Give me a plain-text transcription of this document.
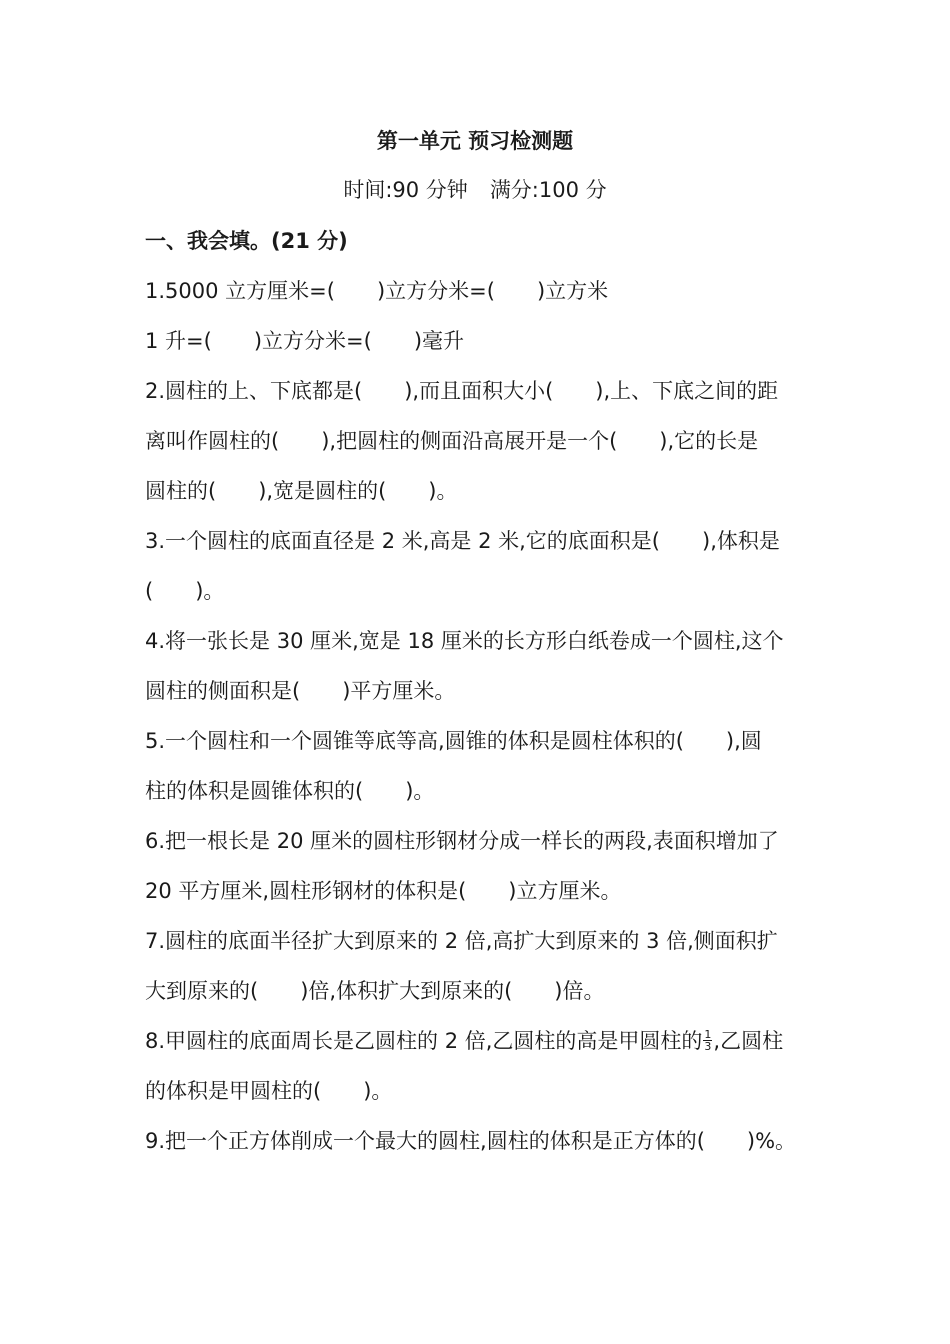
第一单元 预习检测题
时间:90 分钟 满分:100 分
一、我会填。(21 分)
1.5000 立方厘米=( )立方分米=( )立方米
1 升=( )立方分米=( )毫升
2.圆柱的上、下底都是( ),而且面积大小( ),上、下底之间的距
离叫作圆柱的( ),把圆柱的侧面沿高展开是一个( ),它的长是
圆柱的( ),宽是圆柱的( )。
3.一个圆柱的底面直径是 2 米,高是 2 米,它的底面积是( ),体积是
( )。
4.将一张长是 30 厘米,宽是 18 厘米的长方形白纸卷成一个圆柱,这个
圆柱的侧面积是( )平方厘米。
5.一个圆柱和一个圆锥等底等高,圆锥的体积是圆柱体积的( ),圆
柱的体积是圆锥体积的( )。
6.把一根长是 20 厘米的圆柱形钢材分成一样长的两段,表面积增加了
20 平方厘米,圆柱形钢材的体积是( )立方厘米。
7.圆柱的底面半径扩大到原来的 2 倍,高扩大到原来的 3 倍,侧面积扩
大到原来的( )倍,体积扩大到原来的( )倍。
8.甲圆柱的底面周长是乙圆柱的 2 倍,乙圆柱的高是甲圆柱的 $\frac{1}{3}$ ,乙圆柱
的体积是甲圆柱的( )。
9.把一个正方体削成一个最大的圆柱,圆柱的体积是正方体的( )%。
